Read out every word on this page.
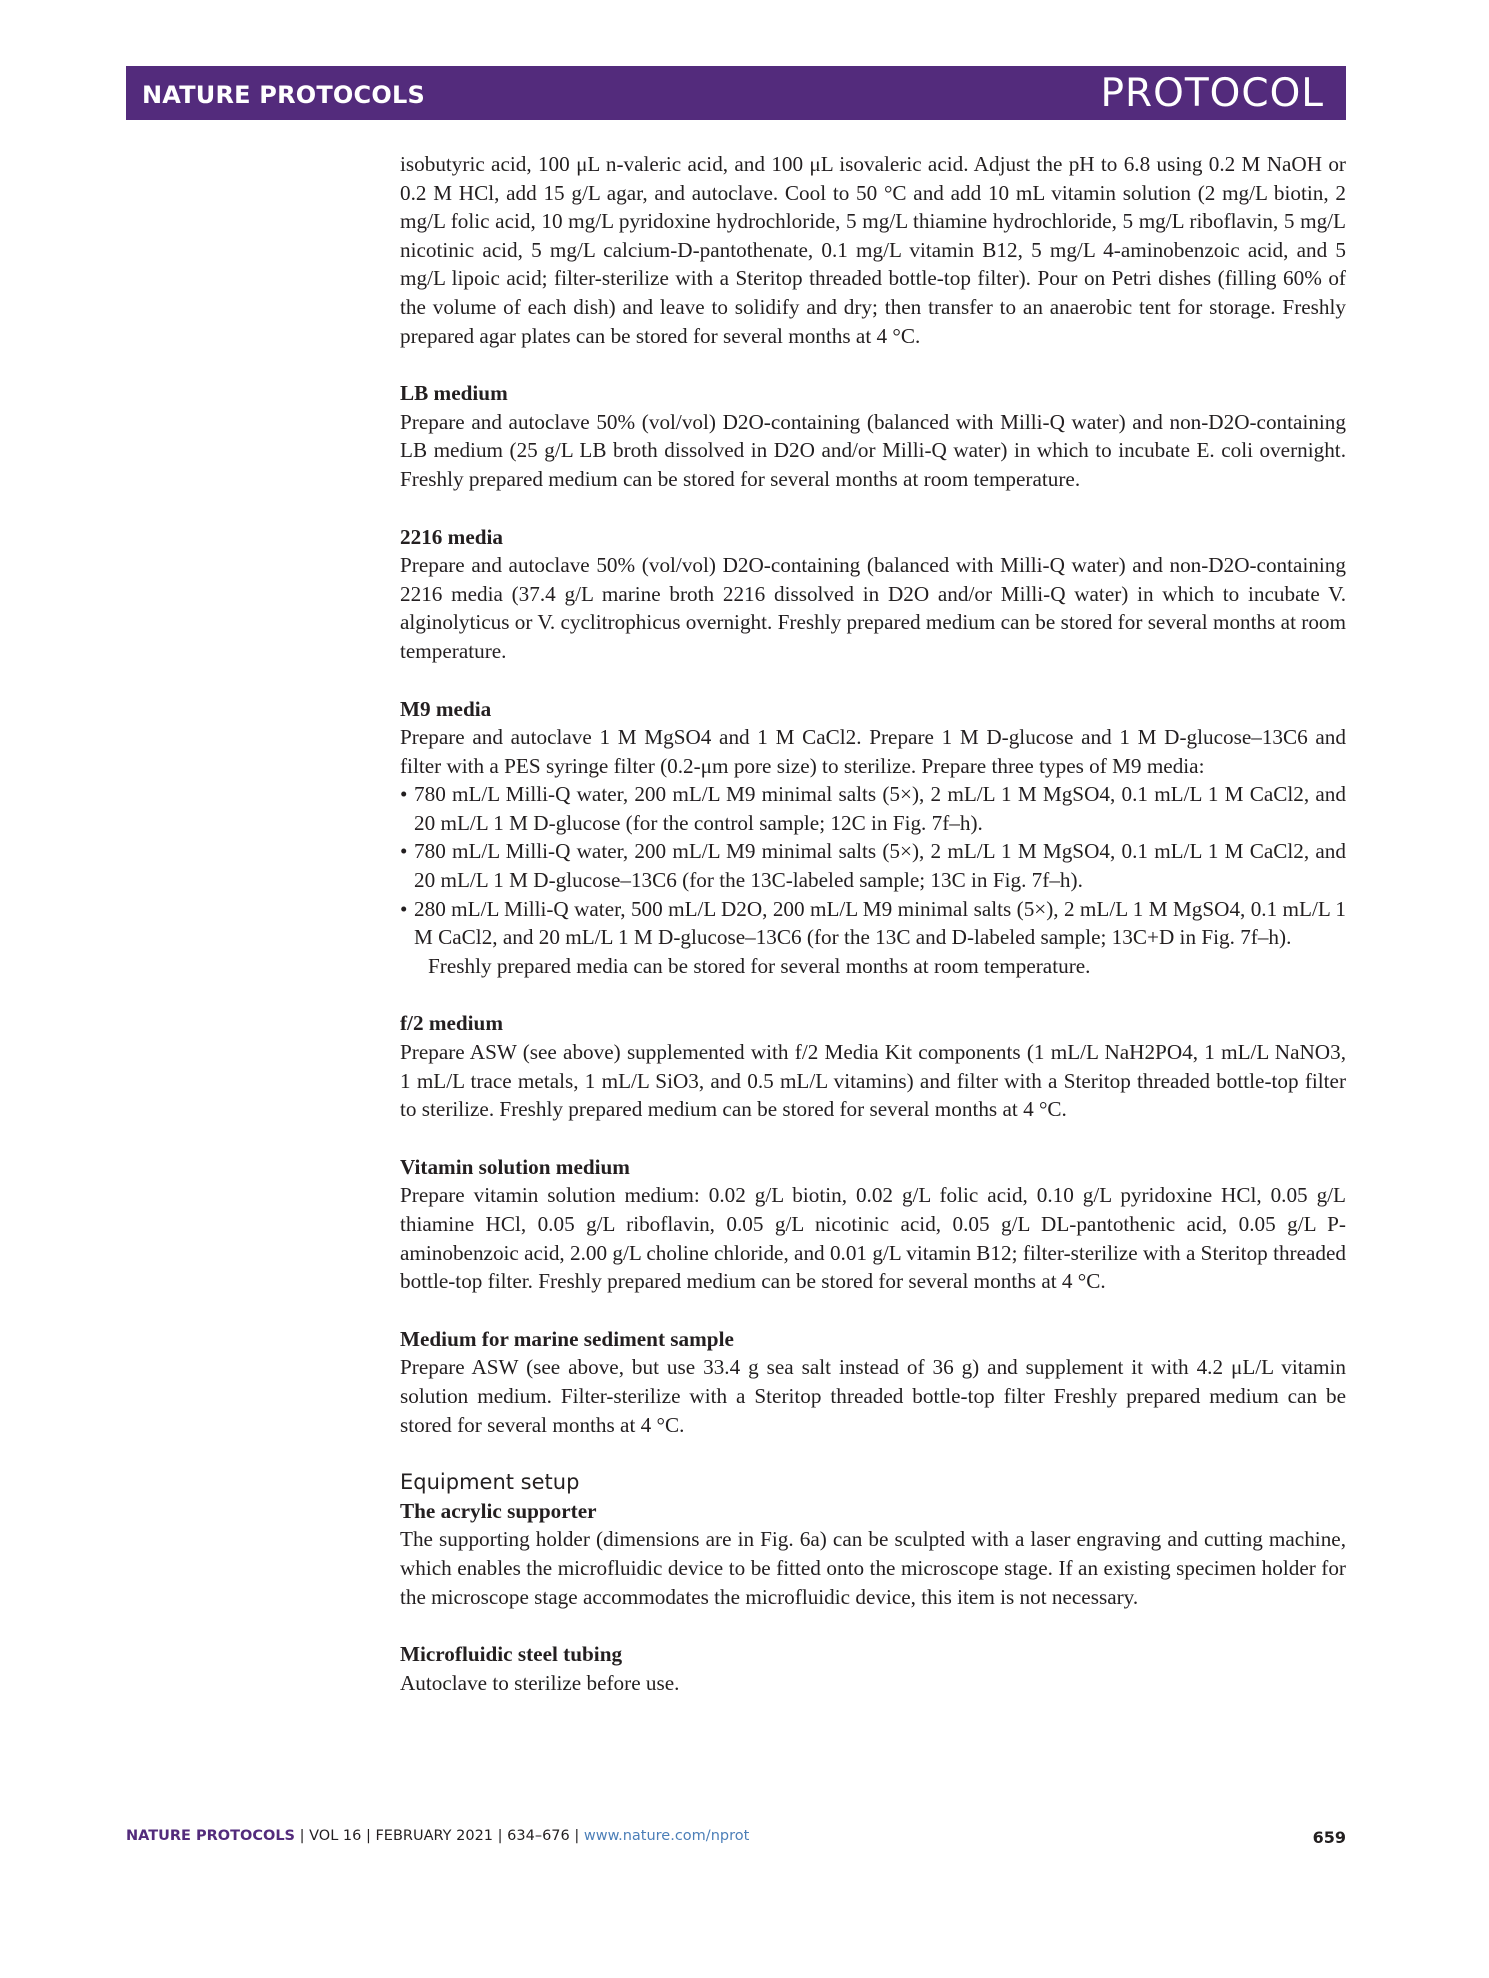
NATURE PROTOCOLS	PROTOCOL

isobutyric acid, 100 μL n-valeric acid, and 100 μL isovaleric acid. Adjust the pH to 6.8 using 0.2 M NaOH or 0.2 M HCl, add 15 g/L agar, and autoclave. Cool to 50 °C and add 10 mL vitamin solution (2 mg/L biotin, 2 mg/L folic acid, 10 mg/L pyridoxine hydrochloride, 5 mg/L thiamine hydrochloride, 5 mg/L riboflavin, 5 mg/L nicotinic acid, 5 mg/L calcium-D-pantothenate, 0.1 mg/L vitamin B12, 5 mg/L 4-aminobenzoic acid, and 5 mg/L lipoic acid; filter-sterilize with a Steritop threaded bottle-top filter). Pour on Petri dishes (filling 60% of the volume of each dish) and leave to solidify and dry; then transfer to an anaerobic tent for storage. Freshly prepared agar plates can be stored for several months at 4 °C.

LB medium

Prepare and autoclave 50% (vol/vol) D2O-containing (balanced with Milli-Q water) and non-D2O-containing LB medium (25 g/L LB broth dissolved in D2O and/or Milli-Q water) in which to incubate E. coli overnight. Freshly prepared medium can be stored for several months at room temperature.

2216 media

Prepare and autoclave 50% (vol/vol) D2O-containing (balanced with Milli-Q water) and non-D2O-containing 2216 media (37.4 g/L marine broth 2216 dissolved in D2O and/or Milli-Q water) in which to incubate V. alginolyticus or V. cyclitrophicus overnight. Freshly prepared medium can be stored for several months at room temperature.

M9 media

Prepare and autoclave 1 M MgSO4 and 1 M CaCl2. Prepare 1 M D-glucose and 1 M D-glucose–13C6 and filter with a PES syringe filter (0.2-μm pore size) to sterilize. Prepare three types of M9 media:

• 780 mL/L Milli-Q water, 200 mL/L M9 minimal salts (5×), 2 mL/L 1 M MgSO4, 0.1 mL/L 1 M CaCl2, and 20 mL/L 1 M D-glucose (for the control sample; 12C in Fig. 7f–h).
• 780 mL/L Milli-Q water, 200 mL/L M9 minimal salts (5×), 2 mL/L 1 M MgSO4, 0.1 mL/L 1 M CaCl2, and 20 mL/L 1 M D-glucose–13C6 (for the 13C-labeled sample; 13C in Fig. 7f–h).
• 280 mL/L Milli-Q water, 500 mL/L D2O, 200 mL/L M9 minimal salts (5×), 2 mL/L 1 M MgSO4, 0.1 mL/L 1 M CaCl2, and 20 mL/L 1 M D-glucose–13C6 (for the 13C and D-labeled sample; 13C+D in Fig. 7f–h).

Freshly prepared media can be stored for several months at room temperature.

f/2 medium

Prepare ASW (see above) supplemented with f/2 Media Kit components (1 mL/L NaH2PO4, 1 mL/L NaNO3, 1 mL/L trace metals, 1 mL/L SiO3, and 0.5 mL/L vitamins) and filter with a Steritop threaded bottle-top filter to sterilize. Freshly prepared medium can be stored for several months at 4 °C.

Vitamin solution medium

Prepare vitamin solution medium: 0.02 g/L biotin, 0.02 g/L folic acid, 0.10 g/L pyridoxine HCl, 0.05 g/L thiamine HCl, 0.05 g/L riboflavin, 0.05 g/L nicotinic acid, 0.05 g/L DL-pantothenic acid, 0.05 g/L P-aminobenzoic acid, 2.00 g/L choline chloride, and 0.01 g/L vitamin B12; filter-sterilize with a Steritop threaded bottle-top filter. Freshly prepared medium can be stored for several months at 4 °C.

Medium for marine sediment sample

Prepare ASW (see above, but use 33.4 g sea salt instead of 36 g) and supplement it with 4.2 μL/L vitamin solution medium. Filter-sterilize with a Steritop threaded bottle-top filter Freshly prepared medium can be stored for several months at 4 °C.

Equipment setup
The acrylic supporter

The supporting holder (dimensions are in Fig. 6a) can be sculpted with a laser engraving and cutting machine, which enables the microfluidic device to be fitted onto the microscope stage. If an existing specimen holder for the microscope stage accommodates the microfluidic device, this item is not necessary.

Microfluidic steel tubing

Autoclave to sterilize before use.

NATURE PROTOCOLS | VOL 16 | FEBRUARY 2021 | 634–676 | www.nature.com/nprot	659
